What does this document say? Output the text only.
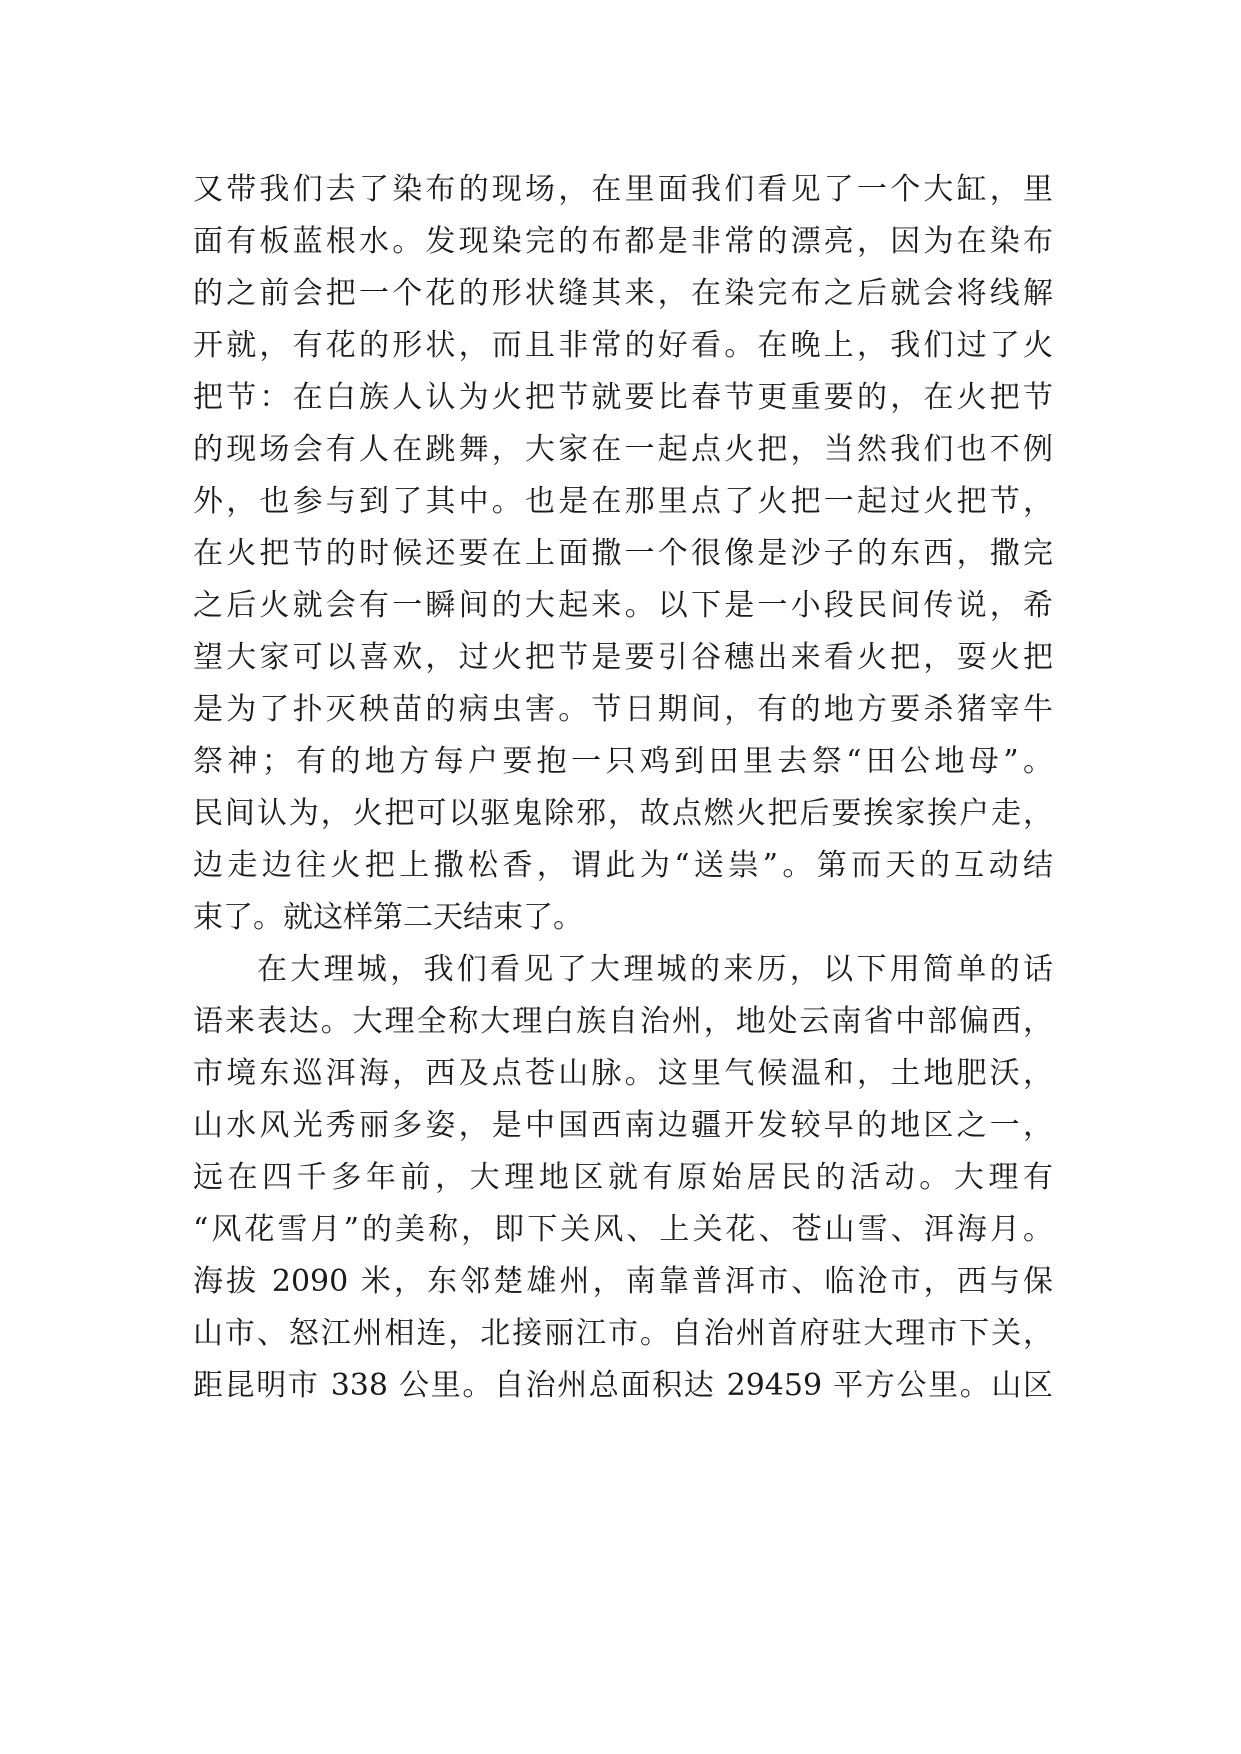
又带我们去了染布的现场，在里面我们看见了一个大缸，里
面有板蓝根水。发现染完的布都是非常的漂亮，因为在染布
的之前会把一个花的形状缝其来，在染完布之后就会将线解
开就，有花的形状，而且非常的好看。在晚上，我们过了火
把节：在白族人认为火把节就要比春节更重要的，在火把节
的现场会有人在跳舞，大家在一起点火把，当然我们也不例
外，也参与到了其中。也是在那里点了火把一起过火把节，
在火把节的时候还要在上面撒一个很像是沙子的东西，撒完
之后火就会有一瞬间的大起来。以下是一小段民间传说，希
望大家可以喜欢，过火把节是要引谷穗出来看火把，耍火把
是为了扑灭秧苗的病虫害。节日期间，有的地方要杀猪宰牛
祭神；有的地方每户要抱一只鸡到田里去祭“田公地母”。
民间认为，火把可以驱鬼除邪，故点燃火把后要挨家挨户走，
边走边往火把上撒松香，谓此为“送祟”。第而天的互动结
束了。就这样第二天结束了。
在大理城，我们看见了大理城的来历，以下用简单的话
语来表达。大理全称大理白族自治州，地处云南省中部偏西，
市境东巡洱海，西及点苍山脉。这里气候温和，土地肥沃，
山水风光秀丽多姿，是中国西南边疆开发较早的地区之一，
远在四千多年前，大理地区就有原始居民的活动。大理有
“风花雪月”的美称，即下关风、上关花、苍山雪、洱海月。
海拔 2090 米，东邻楚雄州，南靠普洱市、临沧市，西与保
山市、怒江州相连，北接丽江市。自治州首府驻大理市下关，
距昆明市 338 公里。自治州总面积达 29459 平方公里。山区
